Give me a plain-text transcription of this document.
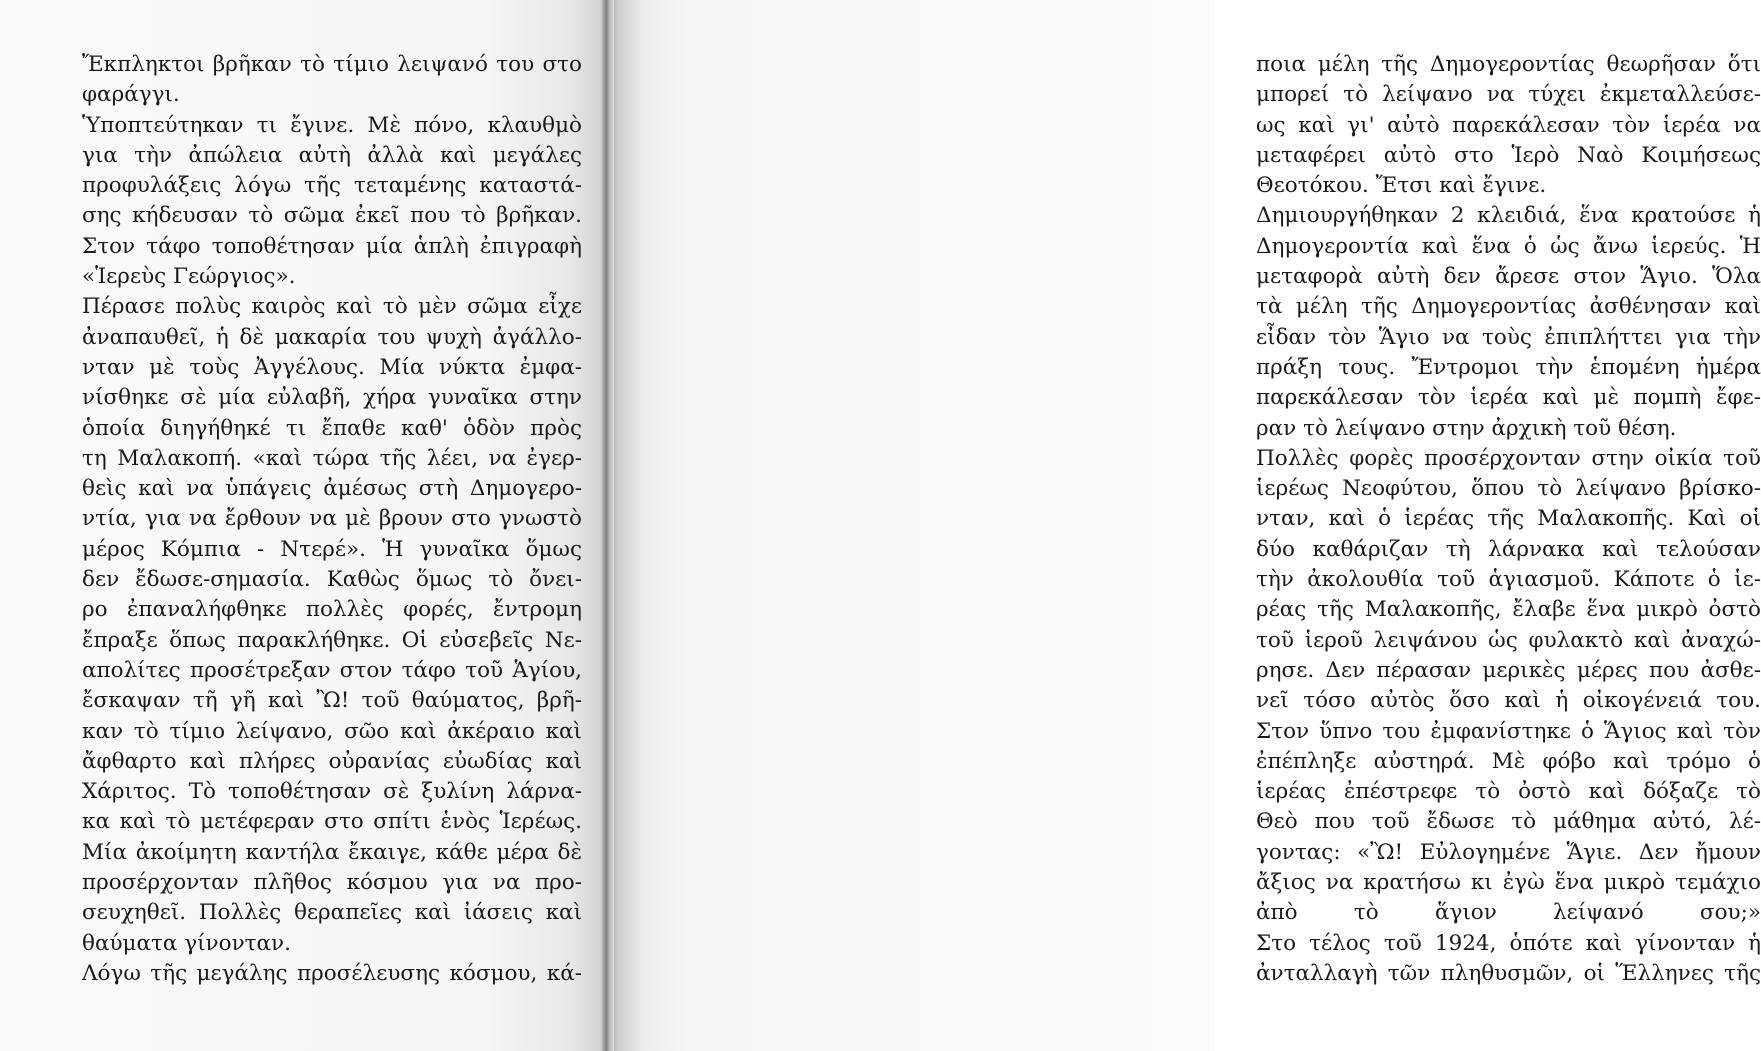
Ἔκπληκτοι βρῆκαν τὸ τίμιο λειψανό του στο
φαράγγι.
Ὑποπτεύτηκαν τι ἔγινε. Μὲ πόνο, κλαυθμὸ
για τὴν ἀπώλεια αὐτὴ ἀλλὰ καὶ μεγάλες
προφυλάξεις λόγω τῆς τεταμένης καταστά-
σης κήδευσαν τὸ σῶμα ἐκεῖ που τὸ βρῆκαν.
Στον τάφο τοποθέτησαν μία ἁπλὴ ἐπιγραφὴ
«Ἱερεὺς Γεώργιος».
Πέρασε πολὺς καιρὸς καὶ τὸ μὲν σῶμα εἶχε
ἀναπαυθεῖ, ἡ δὲ μακαρία του ψυχὴ ἀγάλλο-
νταν μὲ τοὺς Ἀγγέλους. Μία νύκτα ἐμφα-
νίσθηκε σὲ μία εὐλαβῆ, χήρα γυναῖκα στην
ὁποία διηγήθηκέ τι ἔπαθε καθ' ὁδὸν πρὸς
τη Μαλακοπή. «καὶ τώρα τῆς λέει, να ἐγερ-
θεὶς καὶ να ὑπάγεις ἀμέσως στὴ Δημογερο-
ντία, για να ἔρθουν να μὲ βρουν στο γνωστὸ
μέρος Κόμπια - Ντερέ». Ἡ γυναῖκα ὅμως
δεν ἔδωσε-σημασία. Καθὼς ὅμως τὸ ὄνει-
ρο ἐπαναλήφθηκε πολλὲς φορές, ἔντρομη
ἔπραξε ὅπως παρακλήθηκε. Οἱ εὐσεβεῖς Νε-
απολίτες προσέτρεξαν στον τάφο τοῦ Ἁγίου,
ἔσκαψαν τῆ γῆ καὶ Ὢ! τοῦ θαύματος, βρῆ-
καν τὸ τίμιο λείψανο, σῶο καὶ ἀκέραιο καὶ
ἄφθαρτο καὶ πλήρες οὐρανίας εὐωδίας καὶ
Χάριτος. Τὸ τοποθέτησαν σὲ ξυλίνη λάρνα-
κα καὶ τὸ μετέφεραν στο σπίτι ἑνὸς Ἱερέως.
Μία ἀκοίμητη καντήλα ἔκαιγε, κάθε μέρα δὲ
προσέρχονταν πλῆθος κόσμου για να προ-
σευχηθεῖ. Πολλὲς θεραπεῖες καὶ ἰάσεις καὶ
θαύματα γίνονταν.
Λόγω τῆς μεγάλης προσέλευσης κόσμου, κά-
ποια μέλη τῆς Δημογεροντίας θεωρῆσαν ὅτι
μπορεί τὸ λείψανο να τύχει ἐκμεταλλεύσε-
ως καὶ γι' αὐτὸ παρεκάλεσαν τὸν ἱερέα να
μεταφέρει αὐτὸ στο Ἱερὸ Ναὸ Κοιμήσεως
Θεοτόκου. Ἔτσι καὶ ἔγινε.
Δημιουργήθηκαν 2 κλειδιά, ἕνα κρατούσε ἡ
Δημογεροντία καὶ ἕνα ὁ ὡς ἄνω ἱερεύς. Ἡ
μεταφορὰ αὐτὴ δεν ἄρεσε στον Ἅγιο. Ὅλα
τὰ μέλη τῆς Δημογεροντίας ἀσθένησαν καὶ
εἶδαν τὸν Ἅγιο να τοὺς ἐπιπλήττει για τὴν
πράξη τους. Ἔντρομοι τὴν ἑπομένη ἡμέρα
παρεκάλεσαν τὸν ἱερέα καὶ μὲ πομπὴ ἔφε-
ραν τὸ λείψανο στην ἀρχικὴ τοῦ θέση.
Πολλὲς φορὲς προσέρχονταν στην οἰκία τοῦ
ἱερέως Νεοφύτου, ὅπου τὸ λείψανο βρίσκο-
νταν, καὶ ὁ ἱερέας τῆς Μαλακοπῆς. Καὶ οἱ
δύο καθάριζαν τὴ λάρνακα καὶ τελούσαν
τὴν ἀκολουθία τοῦ ἁγιασμοῦ. Κάποτε ὁ ἱε-
ρέας τῆς Μαλακοπῆς, ἔλαβε ἕνα μικρὸ ὀστὸ
τοῦ ἱεροῦ λειψάνου ὡς φυλακτὸ καὶ ἀναχώ-
ρησε. Δεν πέρασαν μερικὲς μέρες που ἀσθε-
νεῖ τόσο αὐτὸς ὅσο καὶ ἡ οἰκογένειά του.
Στον ὕπνο του ἐμφανίστηκε ὁ Ἅγιος καὶ τὸν
ἐπέπληξε αὐστηρά. Μὲ φόβο καὶ τρόμο ὁ
ἱερέας ἐπέστρεφε τὸ ὀστὸ καὶ δόξαζε τὸ
Θεὸ που τοῦ ἔδωσε τὸ μάθημα αὐτό, λέ-
γοντας: «Ὢ! Εὐλογημένε Ἅγιε. Δεν ἤμουν
ἄξιος να κρατήσω κι ἐγὼ ἕνα μικρὸ τεμάχιο
ἀπὸ τὸ ἅγιον λείψανό σου;»
Στο τέλος τοῦ 1924, ὁπότε καὶ γίνονταν ἡ
ἀνταλλαγὴ τῶν πληθυσμῶν, οἱ Ἕλληνες τῆς
